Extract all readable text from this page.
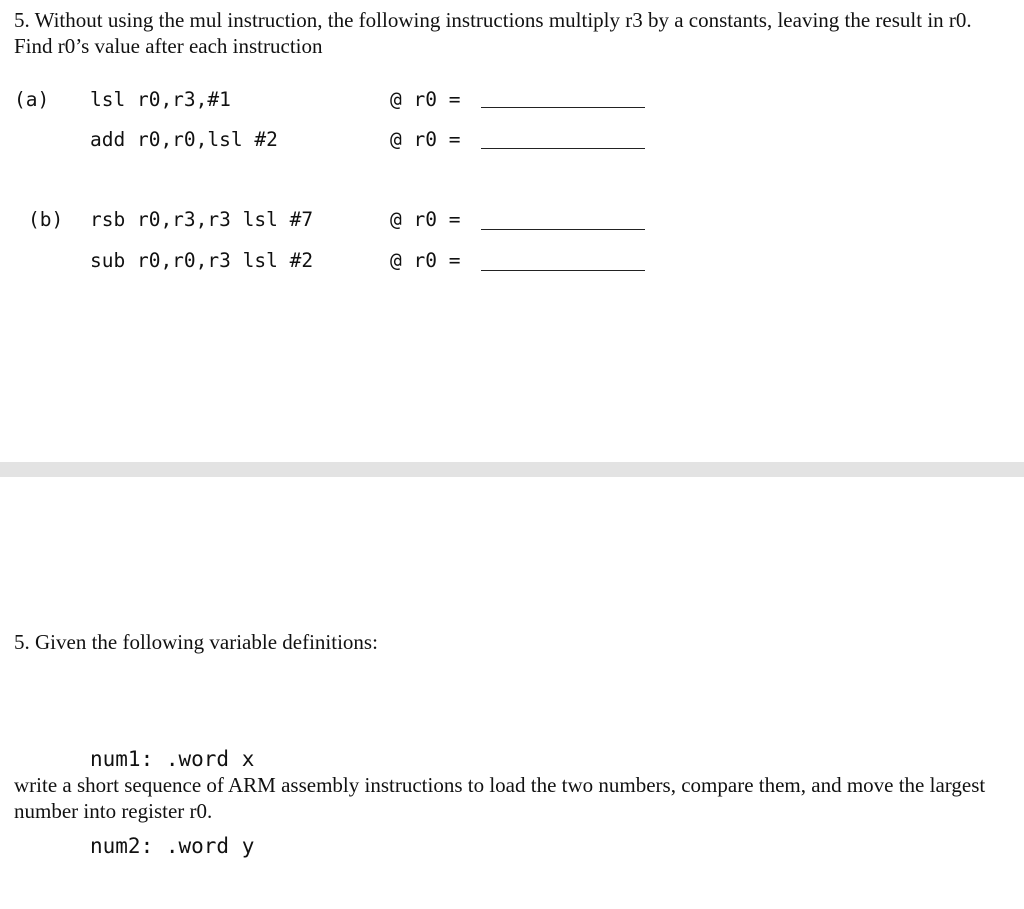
5. Without using the mul instruction, the following instructions multiply r3 by a constants, leaving the result in r0. Find r0’s value after each instruction
(a) lsl r0,r3,#1	@ r0 =
add r0,r0,lsl #2	@ r0 =
(b) rsb r0,r3,r3 lsl #7	@ r0 =
sub r0,r0,r3 lsl #2	@ r0 =
5. Given the following variable definitions:

num1: .word x

num2: .word y

write a short sequence of ARM assembly instructions to load the two numbers, compare them, and move the largest number into register r0.
